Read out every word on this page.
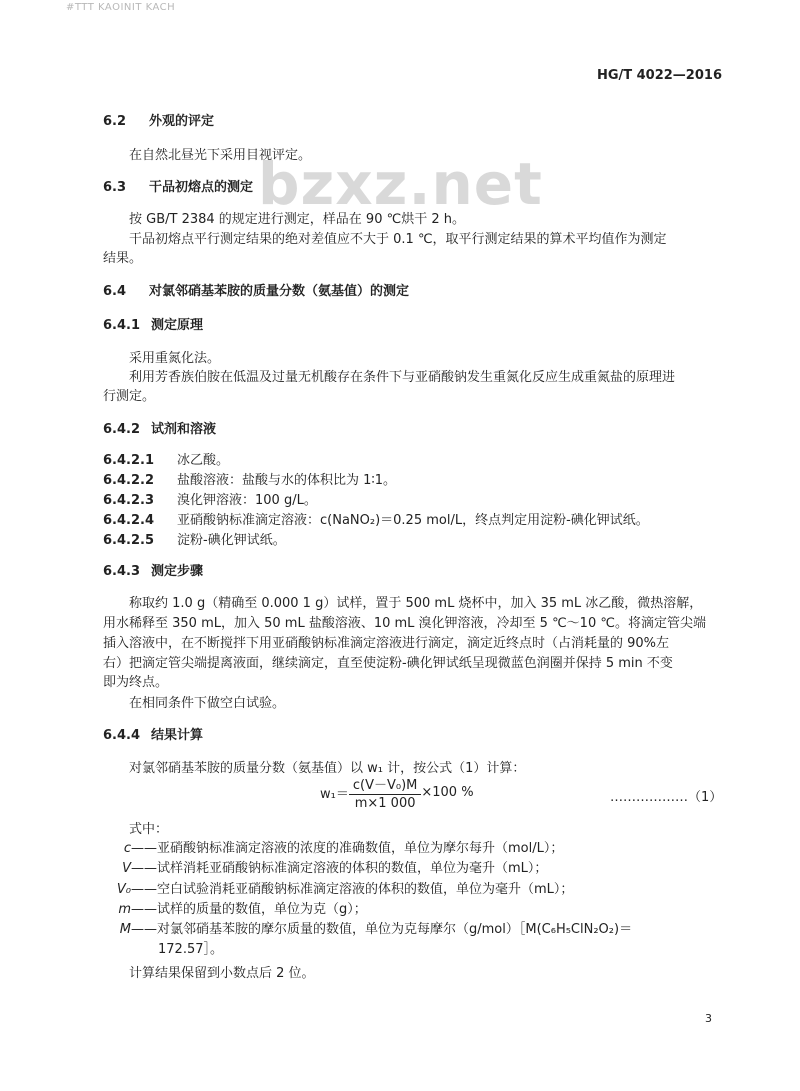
#TTT KAOINIT KACH
HG/T 4022—2016
bzxz.net
6.2 外观的评定
在自然北昼光下采用目视评定。
6.3 干品初熔点的测定
按 GB/T 2384 的规定进行测定，样品在 90 ℃烘干 2 h。
干品初熔点平行测定结果的绝对差值应不大于 0.1 ℃，取平行测定结果的算术平均值作为测定
结果。
6.4 对氯邻硝基苯胺的质量分数（氨基值）的测定
6.4.1 测定原理
采用重氮化法。
利用芳香族伯胺在低温及过量无机酸存在条件下与亚硝酸钠发生重氮化反应生成重氮盐的原理进
行测定。
6.4.2 试剂和溶液
6.4.2.1 冰乙酸。
6.4.2.2 盐酸溶液：盐酸与水的体积比为 1∶1。
6.4.2.3 溴化钾溶液：100 g/L。
6.4.2.4 亚硝酸钠标准滴定溶液：c(NaNO₂)＝0.25 mol/L，终点判定用淀粉-碘化钾试纸。
6.4.2.5 淀粉-碘化钾试纸。
6.4.3 测定步骤
称取约 1.0 g（精确至 0.000 1 g）试样，置于 500 mL 烧杯中，加入 35 mL 冰乙酸，微热溶解，
用水稀释至 350 mL，加入 50 mL 盐酸溶液、10 mL 溴化钾溶液，冷却至 5 ℃～10 ℃。将滴定管尖端
插入溶液中，在不断搅拌下用亚硝酸钠标准滴定溶液进行滴定，滴定近终点时（占消耗量的 90%左
右）把滴定管尖端提离液面，继续滴定，直至使淀粉-碘化钾试纸呈现微蓝色润圈并保持 5 min 不变
即为终点。
在相同条件下做空白试验。
6.4.4 结果计算
对氯邻硝基苯胺的质量分数（氨基值）以 w₁ 计，按公式（1）计算：
$w_1= \frac{\text{c(V－V₀)M}}{m\times 1 000} \times 100$ %	………………（1）
式中：
c——亚硝酸钠标准滴定溶液的浓度的准确数值，单位为摩尔每升（mol/L）；
V——试样消耗亚硝酸钠标准滴定溶液的体积的数值，单位为毫升（mL）；
V₀——空白试验消耗亚硝酸钠标准滴定溶液的体积的数值，单位为毫升（mL）；
m——试样的质量的数值，单位为克（g）；
M——对氯邻硝基苯胺的摩尔质量的数值，单位为克每摩尔（g/mol）［M(C₆H₅ClN₂O₂)＝
172.57］。
计算结果保留到小数点后 2 位。
3
